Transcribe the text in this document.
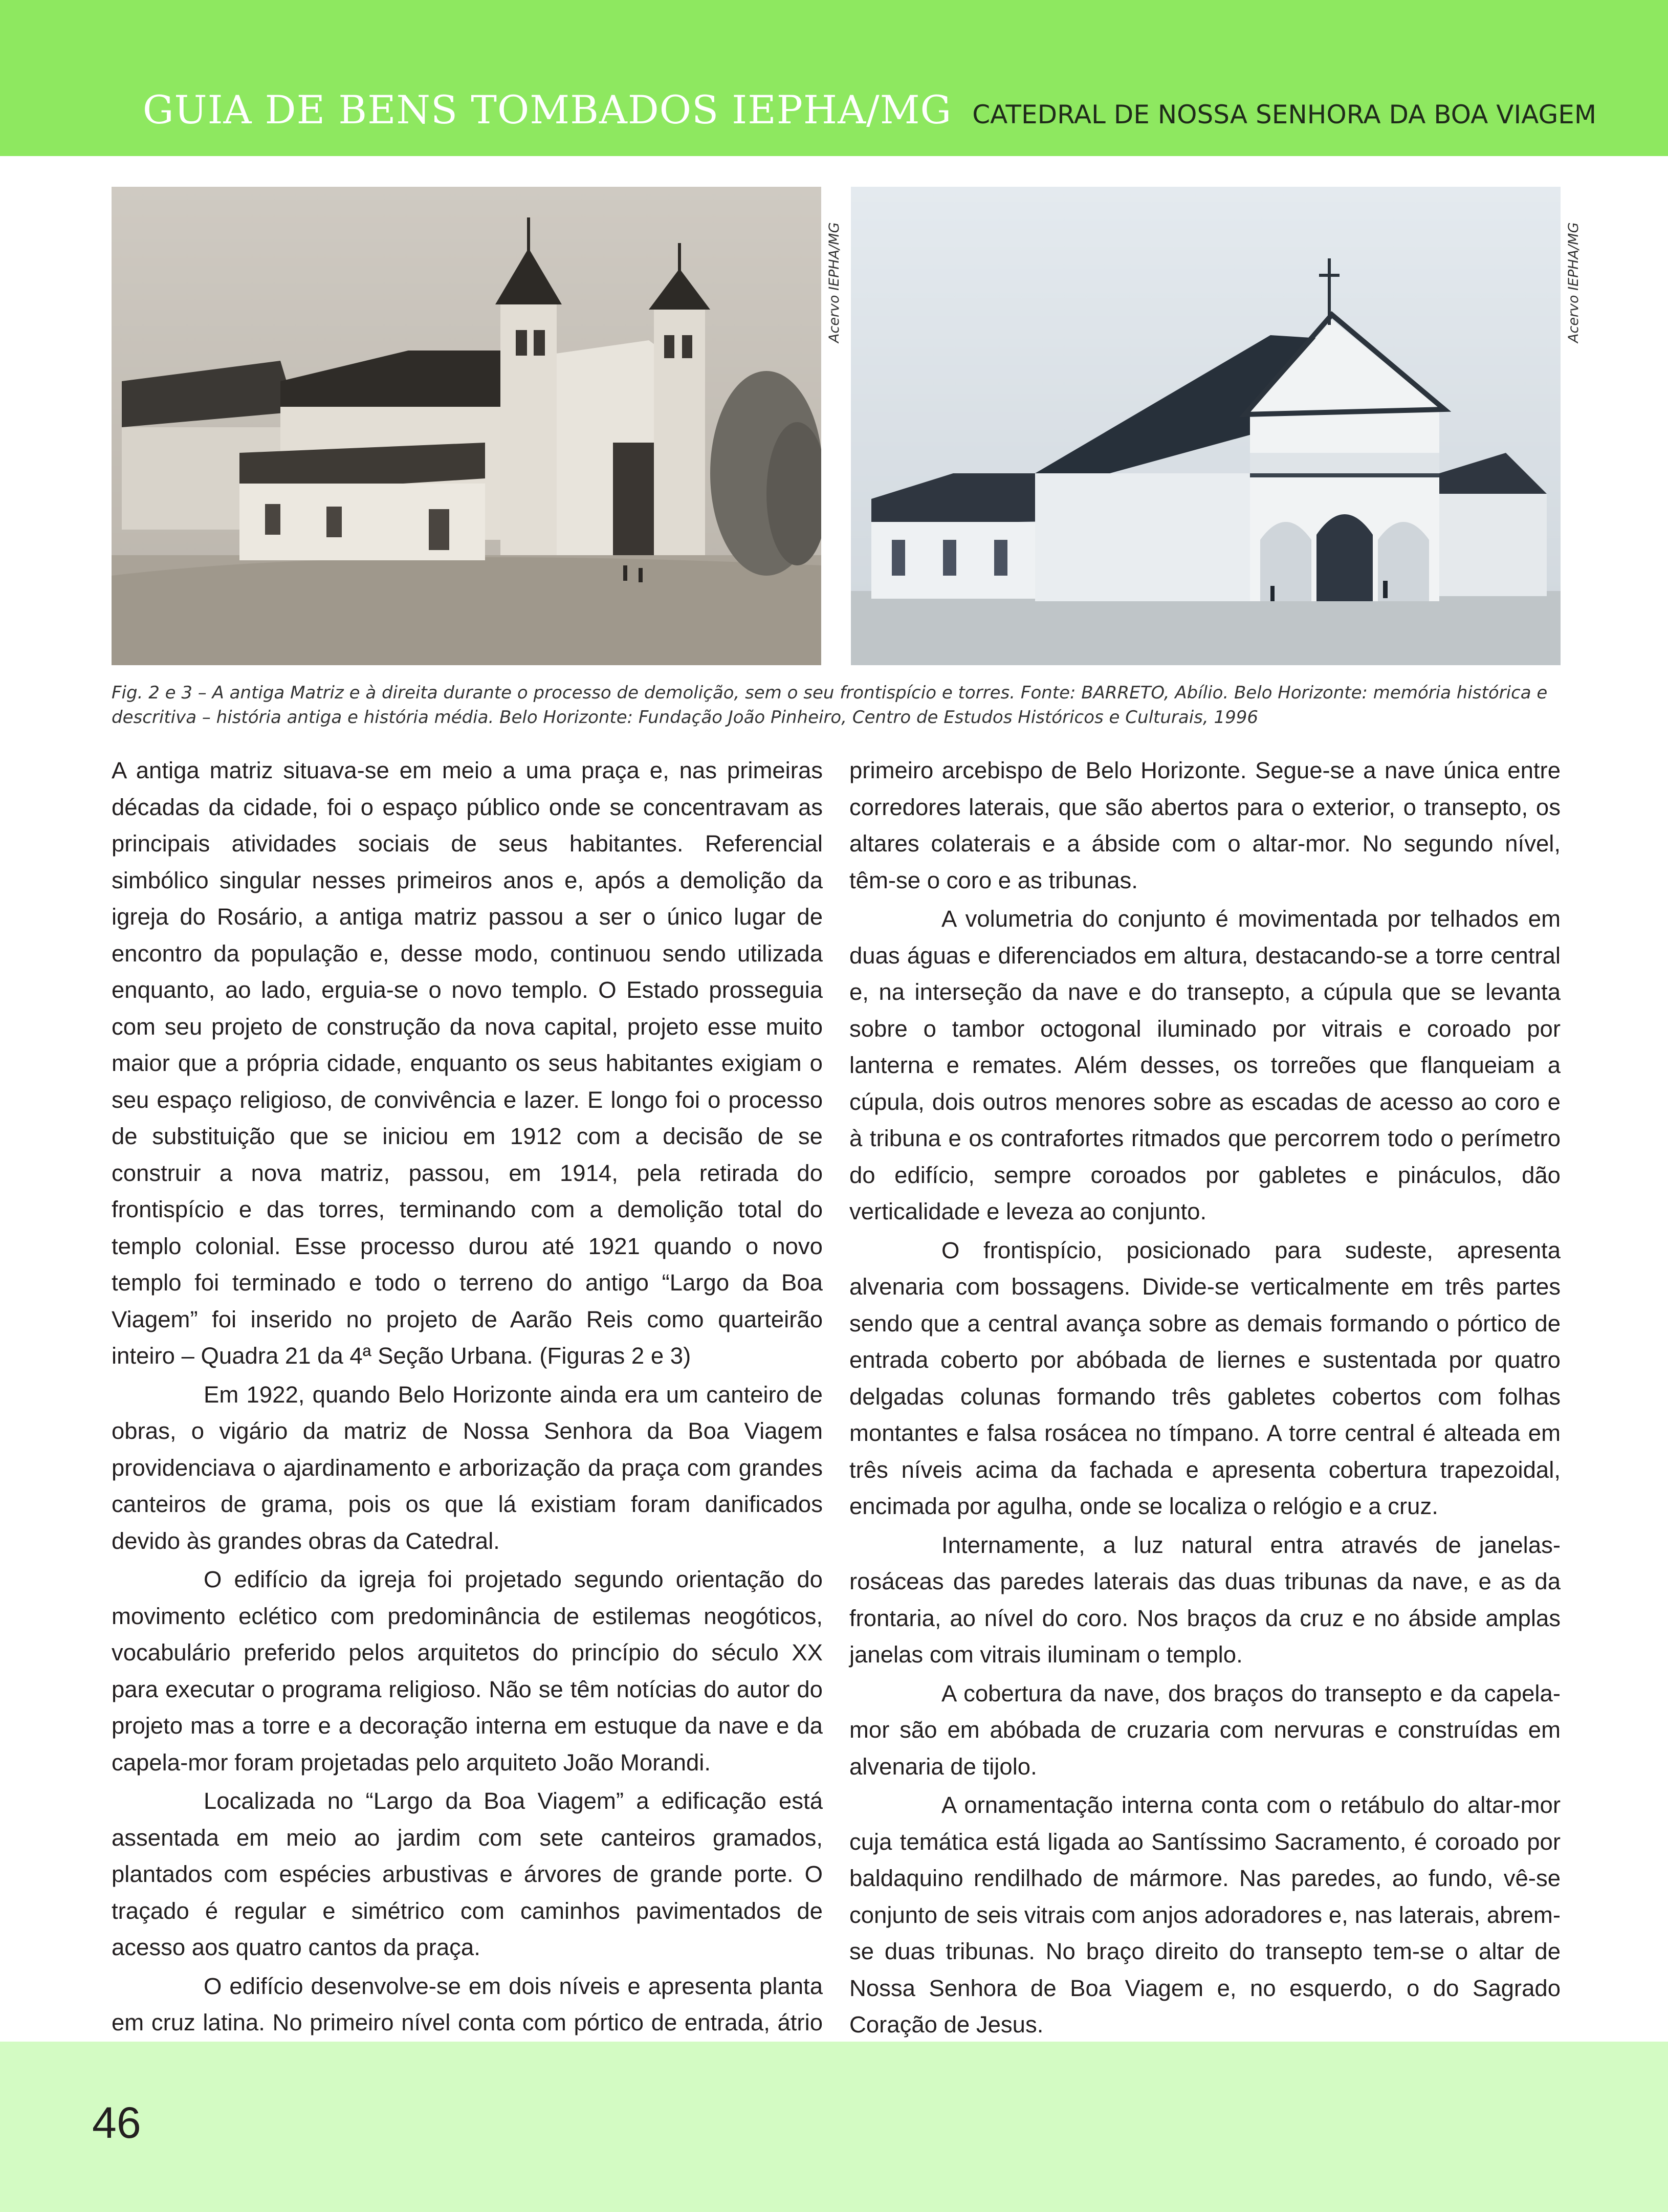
GUIA DE BENS TOMBADOS IEPHA/MG CATEDRAL DE NOSSA SENHORA DA BOA VIAGEM
Acervo IEPHA/MG	Acervo IEPHA/MG
Fig. 2 e 3 – A antiga Matriz e à direita durante o processo de demolição, sem o seu frontispício e torres. Fonte: BARRETO, Abílio. Belo Horizonte: memória histórica e descritiva – história antiga e história média. Belo Horizonte: Fundação João Pinheiro, Centro de Estudos Históricos e Culturais, 1996

A antiga matriz situava-se em meio a uma praça e, nas primeiras décadas da cidade, foi o espaço público onde se concentravam as principais atividades sociais de seus habitantes. Referencial simbólico singular nesses primeiros anos e, após a demolição da igreja do Rosário, a antiga matriz passou a ser o único lugar de encontro da população e, desse modo, continuou sendo utilizada enquanto, ao lado, erguia-se o novo templo. O Estado prosseguia com seu projeto de construção da nova capital, projeto esse muito maior que a própria cidade, enquanto os seus habitantes exigiam o seu espaço religioso, de convivência e lazer. E longo foi o processo de substituição que se iniciou em 1912 com a decisão de se construir a nova matriz, passou, em 1914, pela retirada do frontispício e das torres, terminando com a demolição total do templo colonial. Esse processo durou até 1921 quando o novo templo foi terminado e todo o terreno do antigo “Largo da Boa Viagem” foi inserido no projeto de Aarão Reis como quarteirão inteiro – Quadra 21 da 4ª Seção Urbana. (Figuras 2 e 3)

Em 1922, quando Belo Horizonte ainda era um canteiro de obras, o vigário da matriz de Nossa Senhora da Boa Viagem providenciava o ajardinamento e arborização da praça com grandes canteiros de grama, pois os que lá existiam foram danificados devido às grandes obras da Catedral.

O edifício da igreja foi projetado segundo orientação do movimento eclético com predominância de estilemas neogóticos, vocabulário preferido pelos arquitetos do princípio do século XX para executar o programa religioso. Não se têm notícias do autor do projeto mas a torre e a decoração interna em estuque da nave e da capela-mor foram projetadas pelo arquiteto João Morandi.

Localizada no “Largo da Boa Viagem” a edificação está assentada em meio ao jardim com sete canteiros gramados, plantados com espécies arbustivas e árvores de grande porte. O traçado é regular e simétrico com caminhos pavimentados de acesso aos quatro cantos da praça.

O edifício desenvolve-se em dois níveis e apresenta planta em cruz latina. No primeiro nível conta com pórtico de entrada, átrio

primeiro arcebispo de Belo Horizonte. Segue-se a nave única entre corredores laterais, que são abertos para o exterior, o transepto, os altares colaterais e a ábside com o altar-mor. No segundo nível, têm-se o coro e as tribunas.

A volumetria do conjunto é movimentada por telhados em duas águas e diferenciados em altura, destacando-se a torre central e, na interseção da nave e do transepto, a cúpula que se levanta sobre o tambor octogonal iluminado por vitrais e coroado por lanterna e remates. Além desses, os torreões que flanqueiam a cúpula, dois outros menores sobre as escadas de acesso ao coro e à tribuna e os contrafortes ritmados que percorrem todo o perímetro do edifício, sempre coroados por gabletes e pináculos, dão verticalidade e leveza ao conjunto.

O frontispício, posicionado para sudeste, apresenta alvenaria com bossagens. Divide-se verticalmente em três partes sendo que a central avança sobre as demais formando o pórtico de entrada coberto por abóbada de liernes e sustentada por quatro delgadas colunas formando três gabletes cobertos com folhas montantes e falsa rosácea no tímpano. A torre central é alteada em três níveis acima da fachada e apresenta cobertura trapezoidal, encimada por agulha, onde se localiza o relógio e a cruz.

Internamente, a luz natural entra através de janelas-rosáceas das paredes laterais das duas tribunas da nave, e as da frontaria, ao nível do coro. Nos braços da cruz e no ábside amplas janelas com vitrais iluminam o templo.

A cobertura da nave, dos braços do transepto e da capela-mor são em abóbada de cruzaria com nervuras e construídas em alvenaria de tijolo.

A ornamentação interna conta com o retábulo do altar-mor cuja temática está ligada ao Santíssimo Sacramento, é coroado por baldaquino rendilhado de mármore. Nas paredes, ao fundo, vê-se conjunto de seis vitrais com anjos adoradores e, nas laterais, abrem-se duas tribunas. No braço direito do transepto tem-se o altar de Nossa Senhora de Boa Viagem e, no esquerdo, o do Sagrado Coração de Jesus.

46
